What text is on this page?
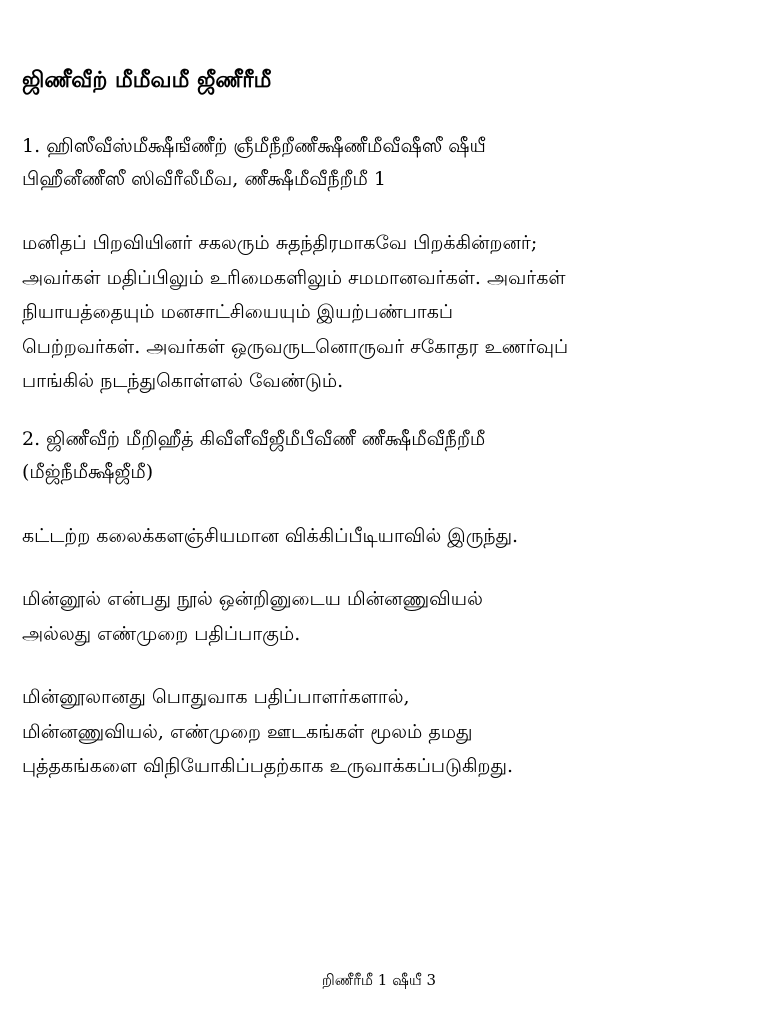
ஜிணீவீற் மீமீவமீ ஜீணீரீமீ
1. ஹிஸீவீஸ்மீக்ஷீஙீணீற் ஞீமீநீறீணீக்ஷீணீமீவீஷீஸீ ஷீயீ
பிஹீனீணீஸீ ஸிவீரீலீமீவ, ணீக்ஷீமீவீநீறீமீ 1
மனிதப் பிறவியினர் சகலரும் சுதந்திரமாகவே பிறக்கின்றனர்;
அவர்கள் மதிப்பிலும் உரிமைகளிலும் சமமானவர்கள். அவர்கள்
நியாயத்தையும் மனசாட்சியையும் இயற்பண்பாகப்
பெற்றவர்கள். அவர்கள் ஒருவருடனொருவர் சகோதர உணர்வுப்
பாங்கில் நடந்துகொள்ளல் வேண்டும்.
2. ஜிணீவீற் மீறிஹீத் கிவீளீவீஜீமீபீவீணீ ணீக்ஷீமீவீநீறீமீ
(மீஜ்நீமீக்ஷீஜீமீ)
கட்டற்ற கலைக்களஞ்சியமான விக்கிப்பீடியாவில் இருந்து.
மின்னூல் என்பது நூல் ஒன்றினுடைய மின்னணுவியல்
அல்லது எண்முறை பதிப்பாகும்.
மின்னூலானது பொதுவாக பதிப்பாளர்களால்,
மின்னணுவியல், எண்முறை ஊடகங்கள் மூலம் தமது
புத்தகங்களை விநியோகிப்பதற்காக உருவாக்கப்படுகிறது.
றிணீரீமீ 1 ஷீயீ 3
